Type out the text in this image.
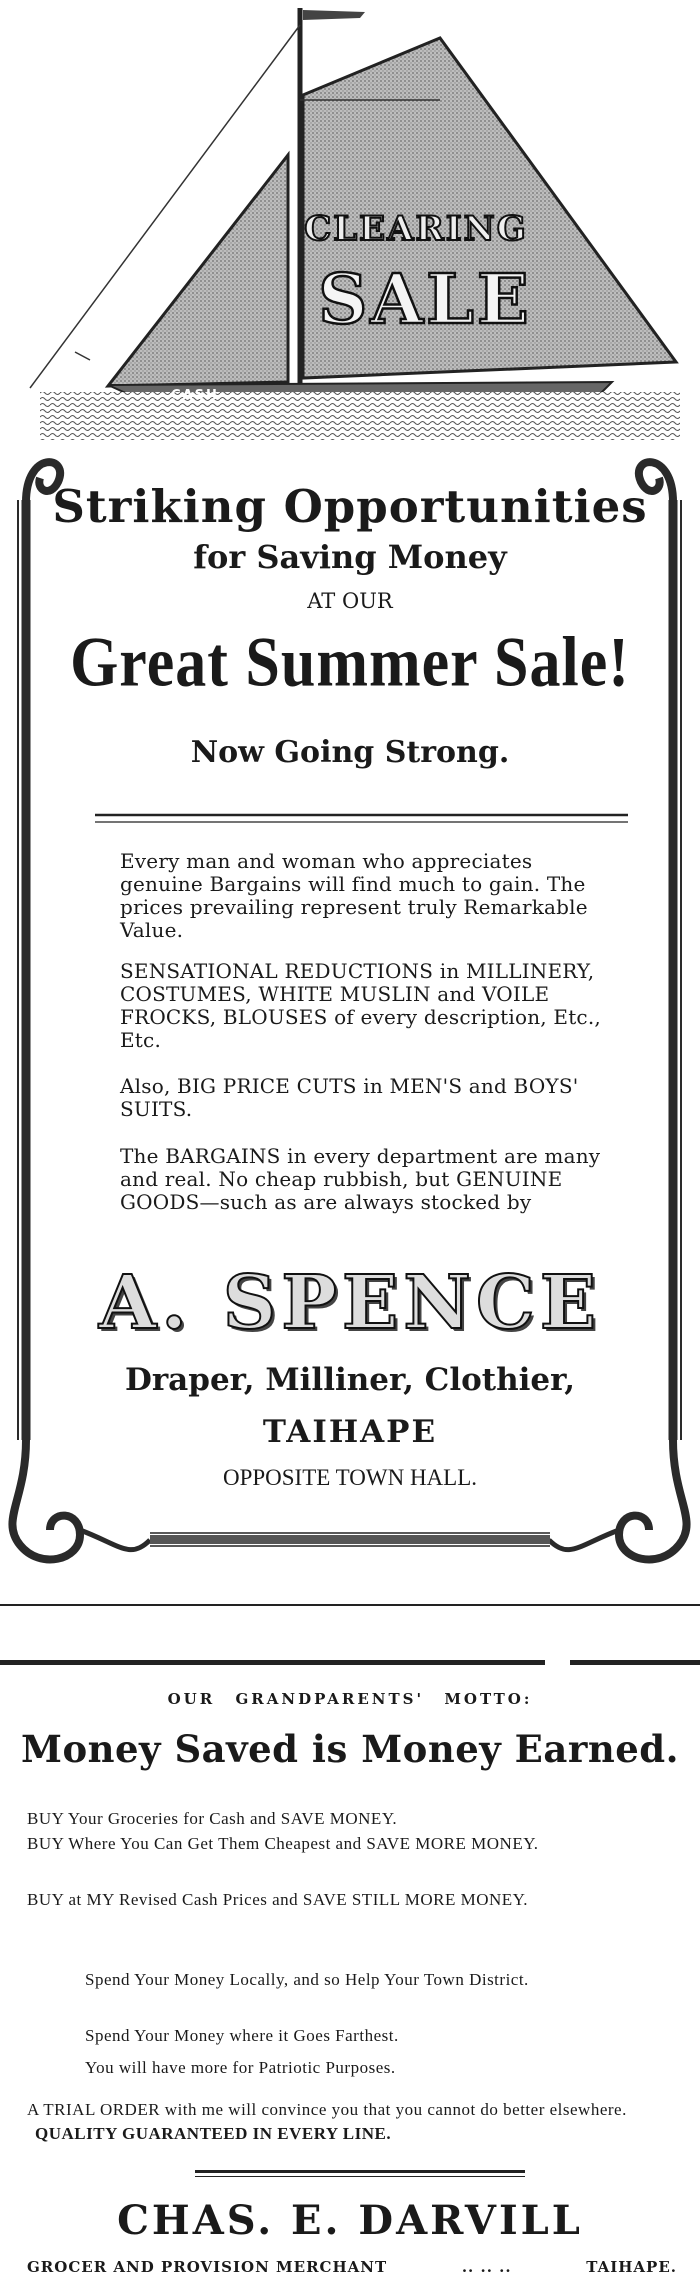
CLEARING
SALE
CASH
Striking Opportunities
for Saving Money
AT OUR
Great Summer Sale!
Now Going Strong.
Every man and woman who appreciates genuine Bargains will find much to gain. The prices prevailing represent truly Remarkable Value.
SENSATIONAL REDUCTIONS in MILLINERY, COSTUMES, WHITE MUSLIN and VOILE FROCKS, BLOUSES of every description, Etc., Etc.
Also, BIG PRICE CUTS in MEN'S and BOYS' SUITS.
The BARGAINS in every department are many and real. No cheap rubbish, but GENUINE GOODS—such as are always stocked by
A. SPENCE
Draper, Milliner, Clothier,
TAIHAPE
OPPOSITE TOWN HALL.
OUR GRANDPARENTS' MOTTO:
Money Saved is Money Earned.
BUY Your Groceries for Cash and SAVE MONEY.
BUY Where You Can Get Them Cheapest and SAVE MORE MONEY.
BUY at MY Revised Cash Prices and SAVE STILL MORE MONEY.
Spend Your Money Locally, and so Help Your Town District.
Spend Your Money where it Goes Farthest.
You will have more for Patriotic Purposes.
A TRIAL ORDER with me will convince you that you cannot do better elsewhere. QUALITY GUARANTEED IN EVERY LINE.
CHAS. E. DARVILL
GROCER AND PROVISION MERCHANT	.. .. ..	TAIHAPE.
